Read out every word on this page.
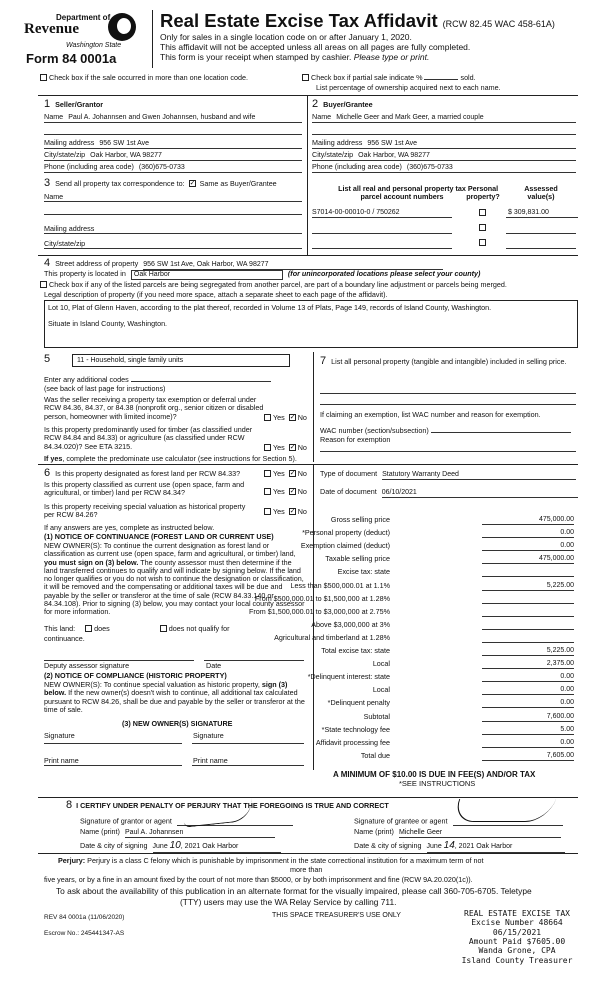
Department of
Revenue
Washington State
Form 84 0001a
Real Estate Excise Tax Affidavit (RCW 82.45 WAC 458-61A)
Only for sales in a single location code on or after January 1, 2020.
This affidavit will not be accepted unless all areas on all pages are fully completed.
This form is your receipt when stamped by cashier. Please type or print.
Check box if the sale occurred in more than one location code.	Check box if partial sale indicate %	sold.
List percentage of ownership acquired next to each name.
1 Seller/Grantor
Name Paul A. Johannsen and Gwen Johannsen, husband and wife
Mailing address 956 SW 1st Ave
City/state/zip Oak Harbor, WA 98277
Phone (including area code) (360)675-0733
2 Buyer/Grantee
Name Michelle Geer and Mark Geer, a married couple
Mailing address 956 SW 1st Ave
City/state/zip Oak Harbor, WA 98277
Phone (including area code) (360)675-0733
3 Send all property tax correspondence to: ✓ Same as Buyer/Grantee
Name
Mailing address
City/state/zip
List all real and personal property tax
parcel account numbers
Personal
property?
Assessed
value(s)
S7014-00-00010-0 / 750262	$ 309,831.00
4 Street address of property 956 SW 1st Ave, Oak Harbor, WA 98277
This property is located in Oak Harbor	(for unincorporated locations please select your county)
Check box if any of the listed parcels are being segregated from another parcel, are part of a boundary line adjustment or parcels being merged.
Legal description of property (if you need more space, attach a separate sheet to each page of the affidavit).
Lot 10, Plat of Glenn Haven, according to the plat thereof, recorded in Volume 13 of Plats, Page 149, records of Island County, Washington.
Situate in Island County, Washington.
5	11 - Household, single family units
Enter any additional codes
(see back of last page for instructions)
Was the seller receiving a property tax exemption or deferral under RCW 84.36, 84.37, or 84.38 (nonprofit org., senior citizen or disabled person, homeowner with limited income)?	Yes ✓ No
Is this property predominantly used for timber (as classified under RCW 84.84 and 84.33) or agriculture (as classified under RCW 84.34.020)? See ETA 3215.	Yes ✓ No
If yes, complete the predominate use calculator (see instructions for Section 5).
7 List all personal property (tangible and intangible) included in selling price.
If claiming an exemption, list WAC number and reason for exemption.
WAC number (section/subsection)
Reason for exemption
6 Is this property designated as forest land per RCW 84.33?	Yes ✓ No
Is this property classified as current use (open space, farm and agricultural, or timber) land per RCW 84.34?	Yes ✓ No
Is this property receiving special valuation as historical property per RCW 84.26?	Yes ✓ No
If any answers are yes, complete as instructed below.
(1) NOTICE OF CONTINUANCE (FOREST LAND OR CURRENT USE)
NEW OWNER(S): To continue the current designation as forest land or classification as current use (open space, farm and agricultural, or timber) land, you must sign on (3) below. The county assessor must then determine if the land transferred continues to qualify and will indicate by signing below. If the land no longer qualifies or you do not wish to continue the designation or classification, it will be removed and the compensating or additional taxes will be due and payable by the seller or transferor at the time of sale (RCW 84.33.140 or 84.34.108). Prior to signing (3) below, you may contact your local county assessor for more information.
This land:	does	does not qualify for
continuance.
Deputy assessor signature	Date
(2) NOTICE OF COMPLIANCE (HISTORIC PROPERTY)
NEW OWNER(S): To continue special valuation as historic property, sign (3) below. If the new owner(s) doesn't wish to continue, all additional tax calculated pursuant to RCW 84.26, shall be due and payable by the seller or transferor at the time of sale.
(3) NEW OWNER(S) SIGNATURE
Signature	Signature
Print name	Print name
Type of document Statutory Warranty Deed
Date of document 06/10/2021
Gross selling price	475,000.00
*Personal property (deduct)	0.00
Exemption claimed (deduct)	0.00
Taxable selling price	475,000.00
Excise tax: state
Less than $500,000.01 at 1.1%	5,225.00
From $500,000.01 to $1,500,000 at 1.28%
From $1,500,000.01 to $3,000,000 at 2.75%
Above $3,000,000 at 3%
Agricultural and timberland at 1.28%
Total excise tax: state	5,225.00
Local	2,375.00
*Delinquent interest: state	0.00
Local	0.00
*Delinquent penalty	0.00
Subtotal	7,600.00
*State technology fee	5.00
Affidavit processing fee	0.00
Total due	7,605.00
A MINIMUM OF $10.00 IS DUE IN FEE(S) AND/OR TAX
*SEE INSTRUCTIONS
8 I CERTIFY UNDER PENALTY OF PERJURY THAT THE FOREGOING IS TRUE AND CORRECT
Signature of grantor or agent
Name (print) Paul A. Johannsen
Date & city of signing June 10, 2021 Oak Harbor
Signature of grantee or agent
Name (print) Michelle Geer
Date & city of signing June 14, 2021 Oak Harbor
Perjury: Perjury is a class C felony which is punishable by imprisonment in the state correctional institution for a maximum term of not
more than
five years, or by a fine in an amount fixed by the court of not more than $5000, or by both imprisonment and fine (RCW 9A.20.020(1c)).
To ask about the availability of this publication in an alternate format for the visually impaired, please call 360-705-6705. Teletype
(TTY) users may use the WA Relay Service by calling 711.
REV 84 0001a (11/06/2020)
Escrow No.: 245441347-AS
THIS SPACE TREASURER'S USE ONLY	REAL ESTATE EXCISE TAX
Excise Number 48664
06/15/2021
Amount Paid $7605.00
Wanda Grone, CPA
Island County Treasurer
